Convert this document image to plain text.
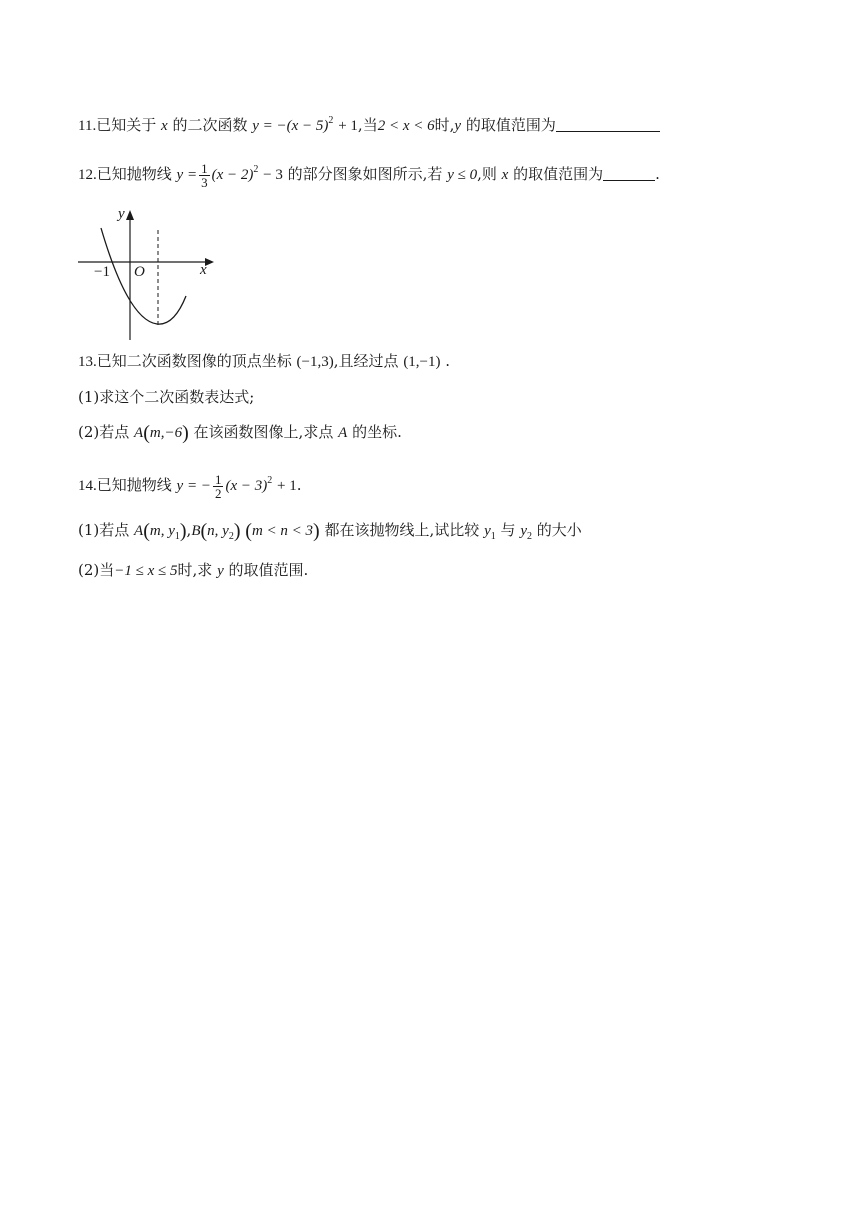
11.已知关于 x 的二次函数 $y = -(x - 5)^2 + 1$,当2 < x < 6时,y 的取值范围为
12.已知抛物线 $y = \frac{1}{3} (x - 2)^2 - 3$ 的部分图象如图所示,若 y ≤ 0,则 x 的取值范围为	.
y
x
O
−1
13.已知二次函数图像的顶点坐标 (−1,3),且经过点 (1,−1) .
(1)求这个二次函数表达式;
(2)若点 A(m,−6) 在该函数图像上,求点 A 的坐标.
14.已知抛物线 y = − $\frac{1}{2} (x - 3)^2 + 1$.
(1)若点 A(m, $y_1),B(n$, $y_2$) (m < n < 3) 都在该抛物线上,试比较 $y_1$ 与 $y_2$ 的大小
(2)当−1 ≤ x ≤ 5时,求 y 的取值范围.
